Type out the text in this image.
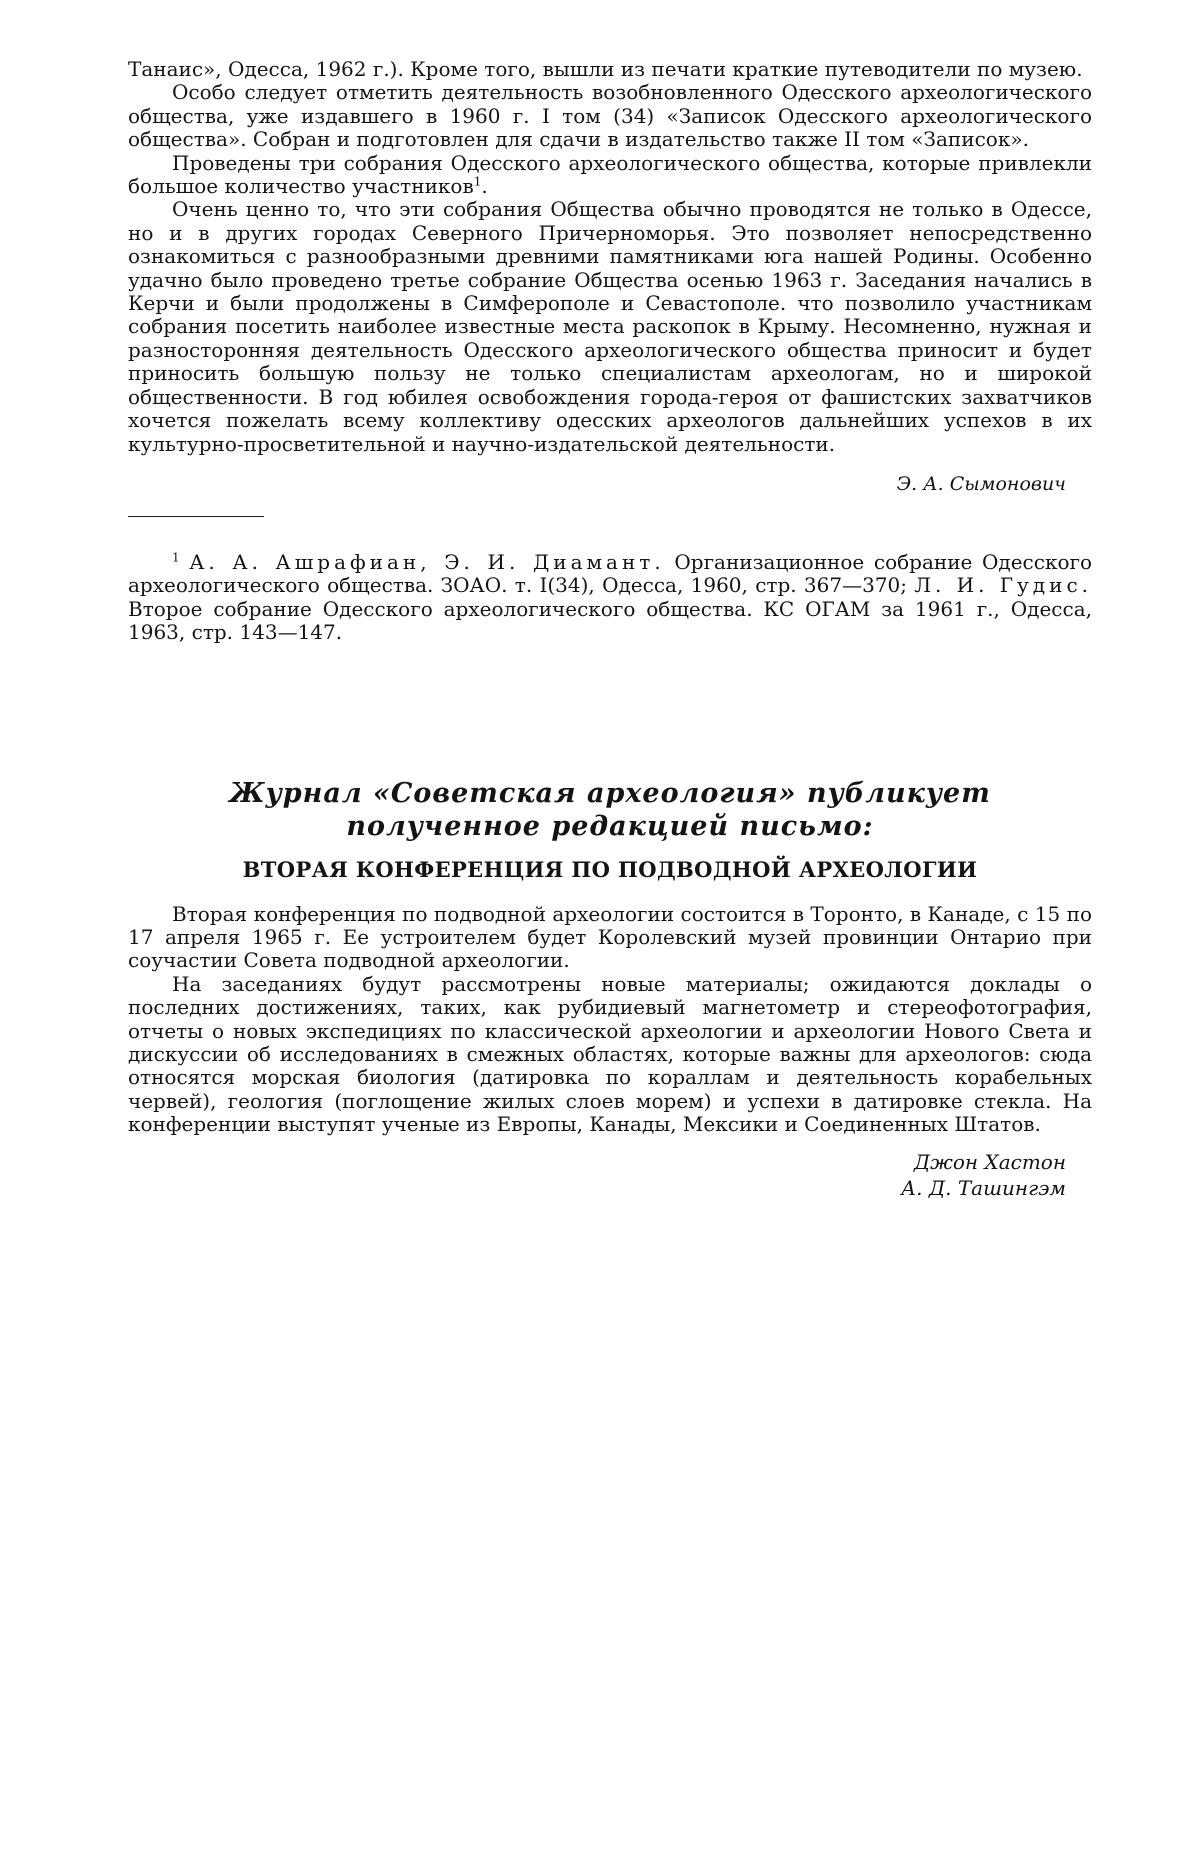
Танаис», Одесса, 1962 г.). Кроме того, вышли из печати краткие путеводители по музею.

Особо следует отметить деятельность возобновленного Одесского археологического общества, уже издавшего в 1960 г. I том (34) «Записок Одесского археологического общества». Собран и подготовлен для сдачи в издательство также II том «Записок».

Проведены три собрания Одесского археологического общества, которые привлекли большое количество участников$^1$.

Очень ценно то, что эти собрания Общества обычно проводятся не только в Одессе, но и в других городах Северного Причерноморья. Это позволяет непосредственно ознакомиться с разнообразными древними памятниками юга нашей Родины. Особенно удачно было проведено третье собрание Общества осенью 1963 г. Заседания начались в Керчи и были продолжены в Симферополе и Севастополе. что позволило участникам собрания посетить наиболее известные места раскопок в Крыму. Несомненно, нужная и разносторонняя деятельность Одесского археологического общества приносит и будет приносить большую пользу не только специалистам археологам, но и широкой общественности. В год юбилея освобождения города-героя от фашистских захватчиков хочется пожелать всему коллективу одесских археологов дальнейших успехов в их культурно-просветительной и научно-издательской деятельности.

Э. А. Сымонович

$^1$ А. А. Ашрафиан, Э. И. Диамант. Организационное собрание Одесского археологического общества. ЗОАО. т. I(34), Одесса, 1960, стр. 367—370; Л. И. Гудис. Второе собрание Одесского археологического общества. КС ОГАМ за 1961 г., Одесса, 1963, стр. 143—147.

Журнал «Советская археология» публикует
полученное редакцией письмо:
ВТОРАЯ КОНФЕРЕНЦИЯ ПО ПОДВОДНОЙ АРХЕОЛОГИИ

Вторая конференция по подводной археологии состоится в Торонто, в Канаде, с 15 по 17 апреля 1965 г. Ее устроителем будет Королевский музей провинции Онтарио при соучастии Совета подводной археологии.

На заседаниях будут рассмотрены новые материалы; ожидаются доклады о последних достижениях, таких, как рубидиевый магнетометр и стереофотография, отчеты о новых экспедициях по классической археологии и археологии Нового Света и дискуссии об исследованиях в смежных областях, которые важны для археологов: сюда относятся морская биология (датировка по кораллам и деятельность корабельных червей), геология (поглощение жилых слоев морем) и успехи в датировке стекла. На конференции выступят ученые из Европы, Канады, Мексики и Соединенных Штатов.

Джон Хастон
А. Д. Ташингэм
